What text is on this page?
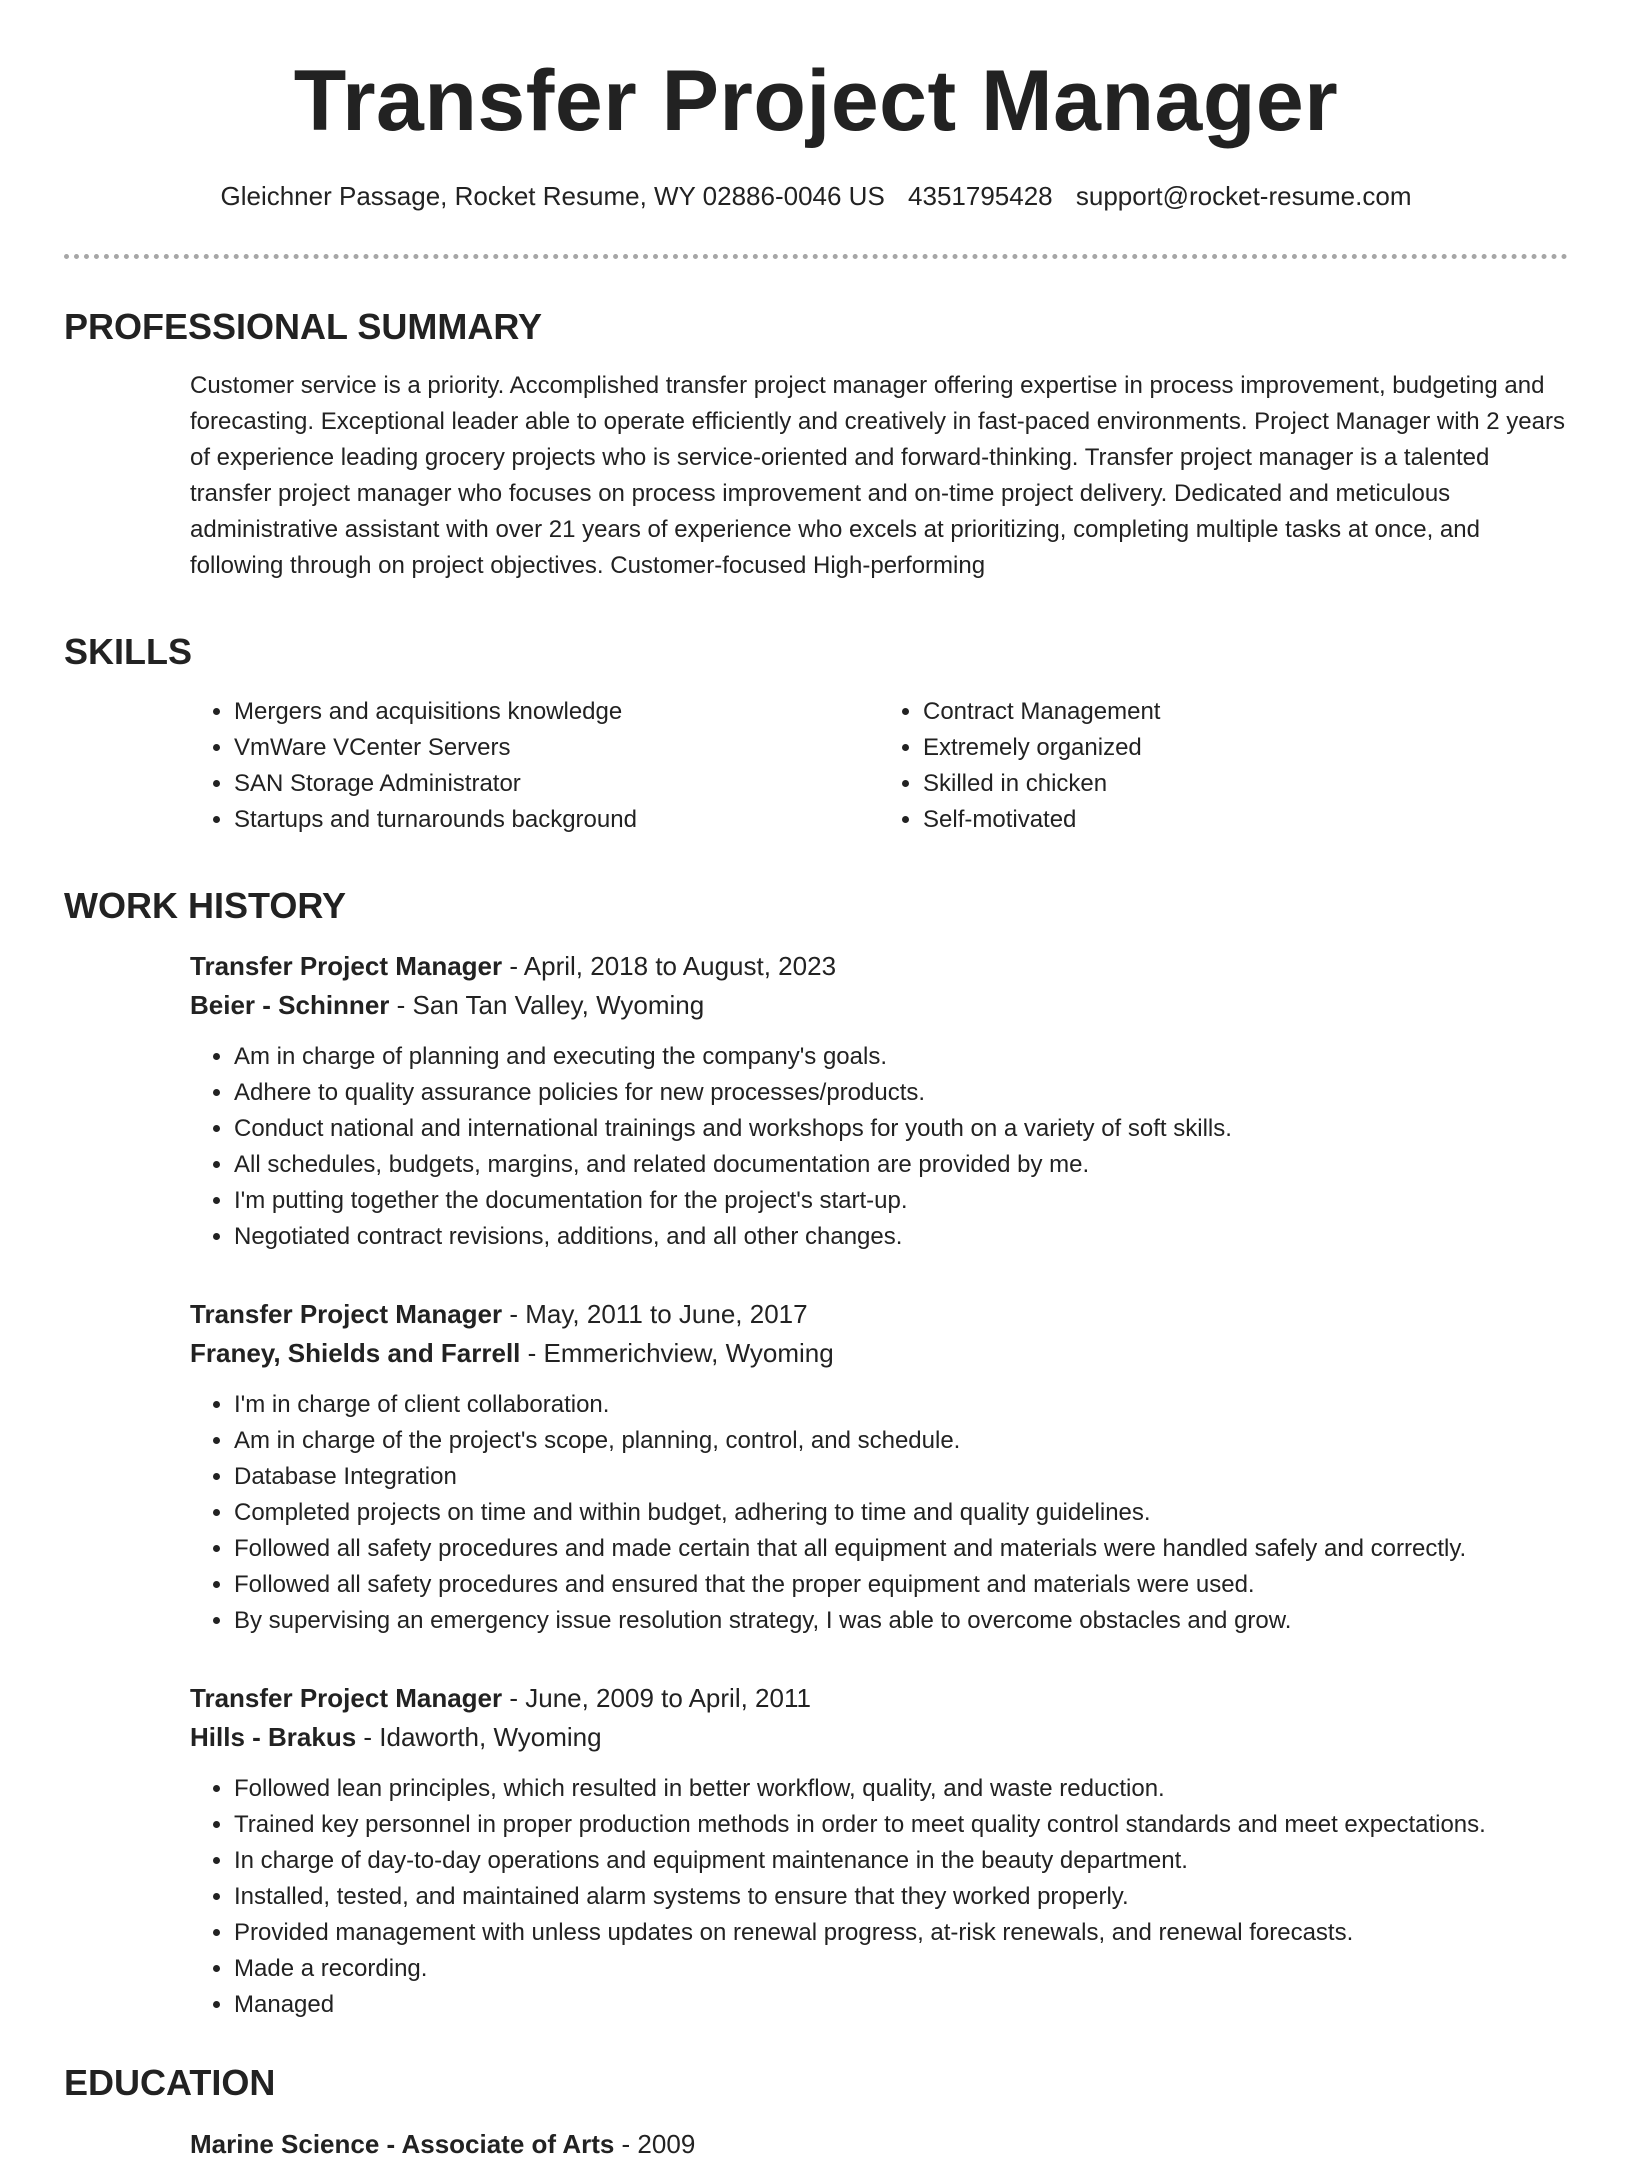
Transfer Project Manager
Gleichner Passage, Rocket Resume, WY 02886-0046 US 4351795428 support@rocket-resume.com
PROFESSIONAL SUMMARY

Customer service is a priority. Accomplished transfer project manager offering expertise in process improvement, budgeting and forecasting. Exceptional leader able to operate efficiently and creatively in fast-paced environments. Project Manager with 2 years of experience leading grocery projects who is service-oriented and forward-thinking. Transfer project manager is a talented transfer project manager who focuses on process improvement and on-time project delivery. Dedicated and meticulous administrative assistant with over 21 years of experience who excels at prioritizing, completing multiple tasks at once, and following through on project objectives. Customer-focused High-performing

SKILLS
• Mergers and acquisitions knowledge
• VmWare VCenter Servers
• SAN Storage Administrator
• Startups and turnarounds background
• Contract Management
• Extremely organized
• Skilled in chicken
• Self-motivated
WORK HISTORY
Transfer Project Manager - April, 2018 to August, 2023
Beier - Schinner - San Tan Valley, Wyoming
• Am in charge of planning and executing the company's goals.
• Adhere to quality assurance policies for new processes/products.
• Conduct national and international trainings and workshops for youth on a variety of soft skills.
• All schedules, budgets, margins, and related documentation are provided by me.
• I'm putting together the documentation for the project's start-up.
• Negotiated contract revisions, additions, and all other changes.
Transfer Project Manager - May, 2011 to June, 2017
Franey, Shields and Farrell - Emmerichview, Wyoming
• I'm in charge of client collaboration.
• Am in charge of the project's scope, planning, control, and schedule.
• Database Integration
• Completed projects on time and within budget, adhering to time and quality guidelines.
• Followed all safety procedures and made certain that all equipment and materials were handled safely and correctly.
• Followed all safety procedures and ensured that the proper equipment and materials were used.
• By supervising an emergency issue resolution strategy, I was able to overcome obstacles and grow.
Transfer Project Manager - June, 2009 to April, 2011
Hills - Brakus - Idaworth, Wyoming
• Followed lean principles, which resulted in better workflow, quality, and waste reduction.
• Trained key personnel in proper production methods in order to meet quality control standards and meet expectations.
• In charge of day-to-day operations and equipment maintenance in the beauty department.
• Installed, tested, and maintained alarm systems to ensure that they worked properly.
• Provided management with unless updates on renewal progress, at-risk renewals, and renewal forecasts.
• Made a recording.
• Managed
EDUCATION
Marine Science - Associate of Arts - 2009
